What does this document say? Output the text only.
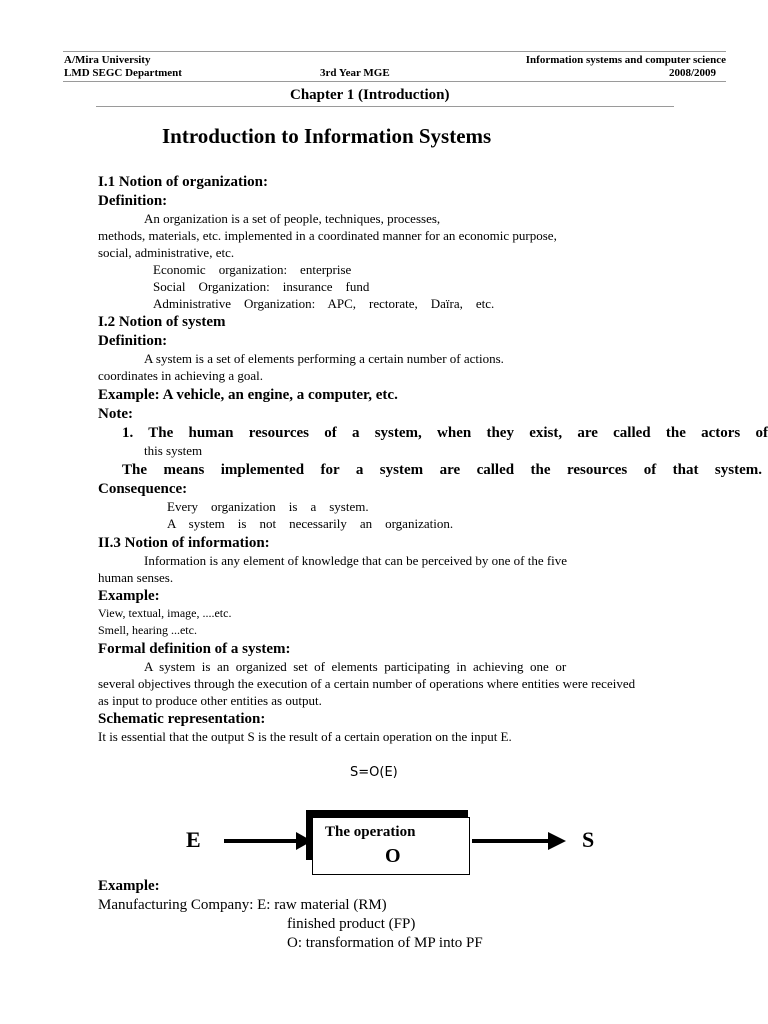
A/Mira University	Information systems and computer science
LMD SEGC Department	3rd Year MGE	2008/2009
Chapter 1 (Introduction)
Introduction to Information Systems
I.1 Notion of organization:
Definition:
An organization is a set of people, techniques, processes,
methods, materials, etc. implemented in a coordinated manner for an economic purpose,
social, administrative, etc.
Economic    organization:    enterprise
Social    Organization:    insurance    fund
Administrative    Organization:    APC,    rectorate,    Daïra,    etc.
I.2 Notion of system
Definition:
A system is a set of elements performing a certain number of actions.
coordinates in achieving a goal.
Example: A vehicle, an engine, a computer, etc.
Note:
1.  The  human  resources  of  a  system,  when  they  exist,  are  called  the  actors  of
this system
The  means  implemented  for  a  system  are  called  the  resources  of  that  system.
Consequence:
Every    organization    is    a    system.
A    system    is    not    necessarily    an    organization.
II.3 Notion of information:
Information is any element of knowledge that can be perceived by one of the five
human senses.
Example:
View, textual, image, ....etc.
Smell, hearing ...etc.
Formal definition of a system:
A  system  is  an  organized  set  of  elements  participating  in  achieving  one  or
several objectives through the execution of a certain number of operations where entities were received
as input to produce other entities as output.
Schematic representation:
It is essential that the output S is the result of a certain operation on the input E.
S=O(E)
E	The operation
O
S
Example:
Manufacturing Company: E: raw material (RM)
finished product (FP)
O: transformation of MP into PF
